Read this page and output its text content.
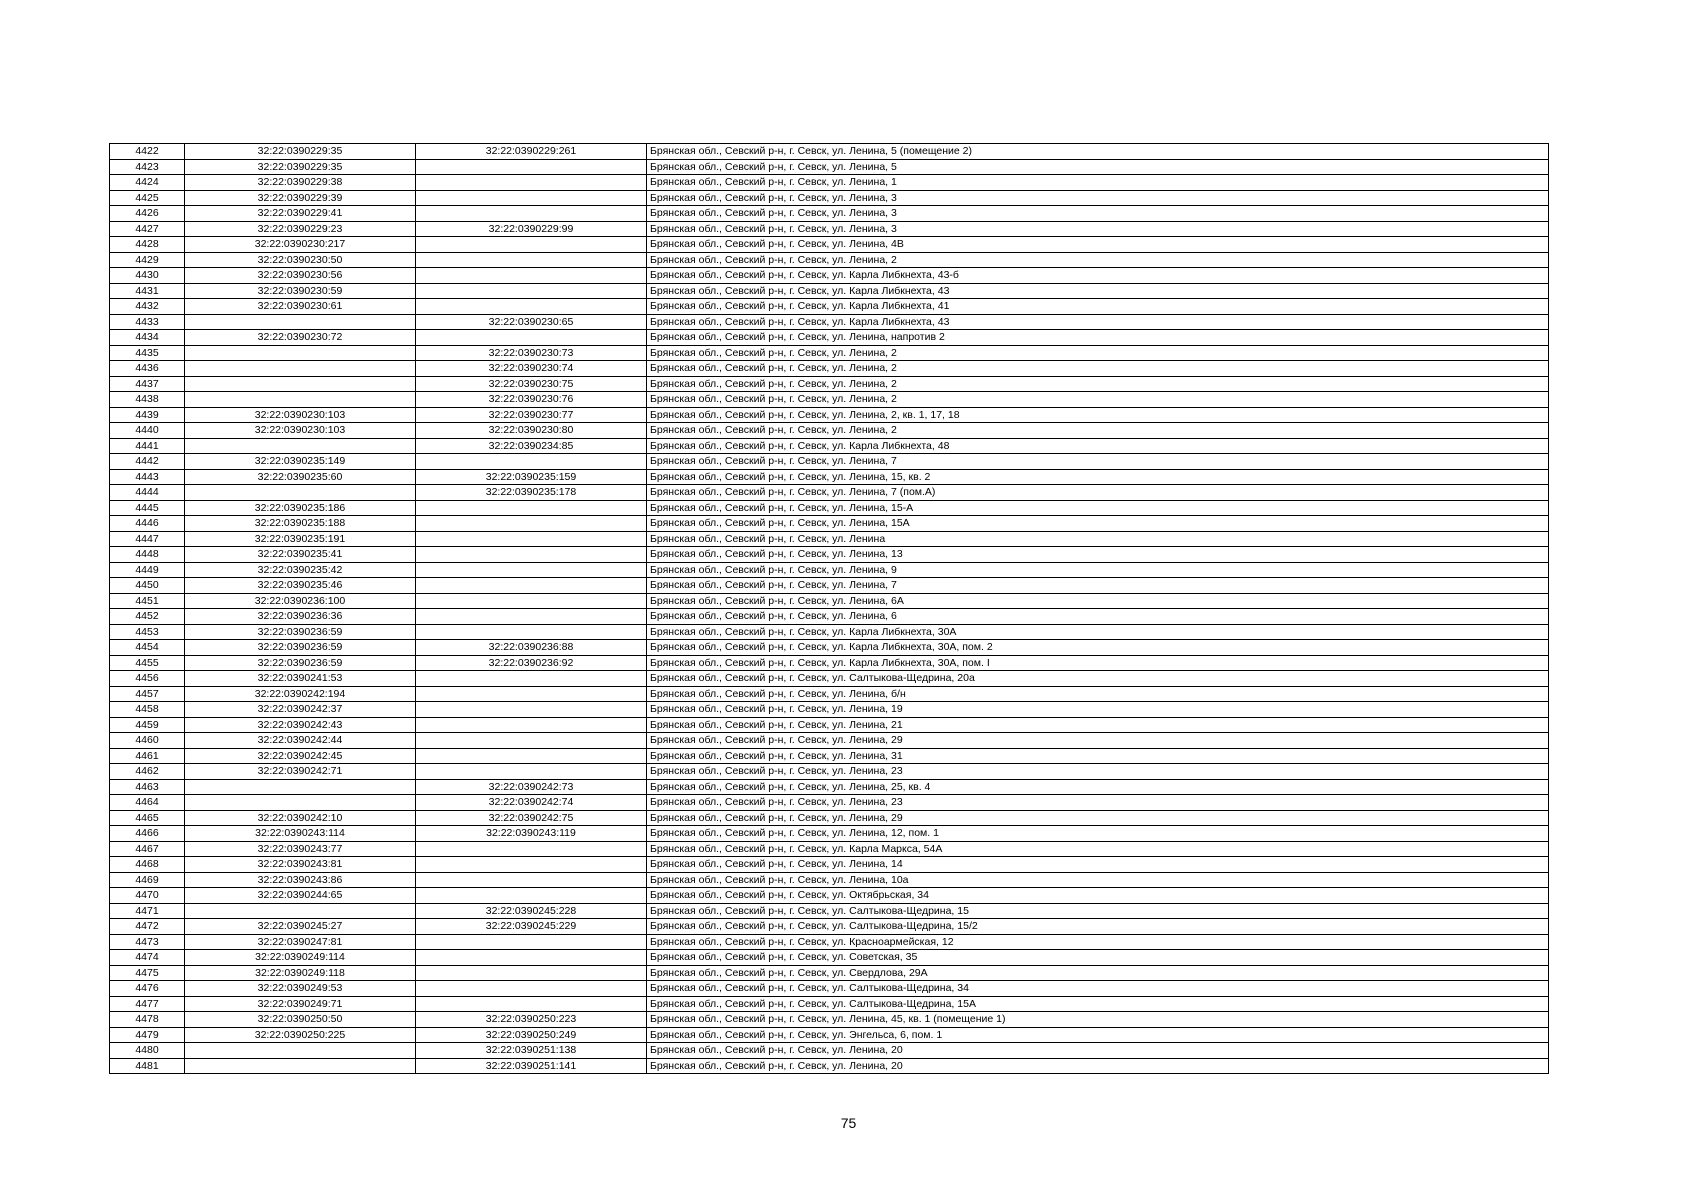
4422	32:22:0390229:35	32:22:0390229:261	Брянская обл., Севский р-н, г. Севск, ул. Ленина, 5 (помещение 2)
4423	32:22:0390229:35		Брянская обл., Севский р-н, г. Севск, ул. Ленина, 5
4424	32:22:0390229:38		Брянская обл., Севский р-н, г. Севск, ул. Ленина, 1
4425	32:22:0390229:39		Брянская обл., Севский р-н, г. Севск, ул. Ленина, 3
4426	32:22:0390229:41		Брянская обл., Севский р-н, г. Севск, ул. Ленина, 3
4427	32:22:0390229:23	32:22:0390229:99	Брянская обл., Севский р-н, г. Севск, ул. Ленина, 3
4428	32:22:0390230:217		Брянская обл., Севский р-н, г. Севск, ул. Ленина, 4В
4429	32:22:0390230:50		Брянская обл., Севский р-н, г. Севск, ул. Ленина, 2
4430	32:22:0390230:56		Брянская обл., Севский р-н, г. Севск, ул. Карла Либкнехта, 43-б
4431	32:22:0390230:59		Брянская обл., Севский р-н, г. Севск, ул. Карла Либкнехта, 43
4432	32:22:0390230:61		Брянская обл., Севский р-н, г. Севск, ул. Карла Либкнехта, 41
4433		32:22:0390230:65	Брянская обл., Севский р-н, г. Севск, ул. Карла Либкнехта, 43
4434	32:22:0390230:72		Брянская обл., Севский р-н, г. Севск, ул. Ленина, напротив 2
4435		32:22:0390230:73	Брянская обл., Севский р-н, г. Севск, ул. Ленина, 2
4436		32:22:0390230:74	Брянская обл., Севский р-н, г. Севск, ул. Ленина, 2
4437		32:22:0390230:75	Брянская обл., Севский р-н, г. Севск, ул. Ленина, 2
4438		32:22:0390230:76	Брянская обл., Севский р-н, г. Севск, ул. Ленина, 2
4439	32:22:0390230:103	32:22:0390230:77	Брянская обл., Севский р-н, г. Севск, ул. Ленина, 2, кв. 1, 17, 18
4440	32:22:0390230:103	32:22:0390230:80	Брянская обл., Севский р-н, г. Севск, ул. Ленина, 2
4441		32:22:0390234:85	Брянская обл., Севский р-н, г. Севск, ул. Карла Либкнехта, 48
4442	32:22:0390235:149		Брянская обл., Севский р-н, г. Севск, ул. Ленина, 7
4443	32:22:0390235:60	32:22:0390235:159	Брянская обл., Севский р-н, г. Севск, ул. Ленина, 15, кв. 2
4444		32:22:0390235:178	Брянская обл., Севский р-н, г. Севск, ул. Ленина, 7 (пом.А)
4445	32:22:0390235:186		Брянская обл., Севский р-н, г. Севск, ул. Ленина, 15-А
4446	32:22:0390235:188		Брянская обл., Севский р-н, г. Севск, ул. Ленина, 15А
4447	32:22:0390235:191		Брянская обл., Севский р-н, г. Севск, ул. Ленина
4448	32:22:0390235:41		Брянская обл., Севский р-н, г. Севск, ул. Ленина, 13
4449	32:22:0390235:42		Брянская обл., Севский р-н, г. Севск, ул. Ленина, 9
4450	32:22:0390235:46		Брянская обл., Севский р-н, г. Севск, ул. Ленина, 7
4451	32:22:0390236:100		Брянская обл., Севский р-н, г. Севск, ул. Ленина, 6А
4452	32:22:0390236:36		Брянская обл., Севский р-н, г. Севск, ул. Ленина, 6
4453	32:22:0390236:59		Брянская обл., Севский р-н, г. Севск, ул. Карла Либкнехта, 30А
4454	32:22:0390236:59	32:22:0390236:88	Брянская обл., Севский р-н, г. Севск, ул. Карла Либкнехта, 30А, пом. 2
4455	32:22:0390236:59	32:22:0390236:92	Брянская обл., Севский р-н, г. Севск, ул. Карла Либкнехта, 30А, пом. I
4456	32:22:0390241:53		Брянская обл., Севский р-н, г. Севск, ул. Салтыкова-Щедрина, 20а
4457	32:22:0390242:194		Брянская обл., Севский р-н, г. Севск, ул. Ленина, б/н
4458	32:22:0390242:37		Брянская обл., Севский р-н, г. Севск, ул. Ленина, 19
4459	32:22:0390242:43		Брянская обл., Севский р-н, г. Севск, ул. Ленина, 21
4460	32:22:0390242:44		Брянская обл., Севский р-н, г. Севск, ул. Ленина, 29
4461	32:22:0390242:45		Брянская обл., Севский р-н, г. Севск, ул. Ленина, 31
4462	32:22:0390242:71		Брянская обл., Севский р-н, г. Севск, ул. Ленина, 23
4463		32:22:0390242:73	Брянская обл., Севский р-н, г. Севск, ул. Ленина, 25, кв. 4
4464		32:22:0390242:74	Брянская обл., Севский р-н, г. Севск, ул. Ленина, 23
4465	32:22:0390242:10	32:22:0390242:75	Брянская обл., Севский р-н, г. Севск, ул. Ленина, 29
4466	32:22:0390243:114	32:22:0390243:119	Брянская обл., Севский р-н, г. Севск, ул. Ленина, 12, пом. 1
4467	32:22:0390243:77		Брянская обл., Севский р-н, г. Севск, ул. Карла Маркса, 54А
4468	32:22:0390243:81		Брянская обл., Севский р-н, г. Севск, ул. Ленина, 14
4469	32:22:0390243:86		Брянская обл., Севский р-н, г. Севск, ул. Ленина, 10а
4470	32:22:0390244:65		Брянская обл., Севский р-н, г. Севск, ул. Октябрьская, 34
4471		32:22:0390245:228	Брянская обл., Севский р-н, г. Севск, ул. Салтыкова-Щедрина, 15
4472	32:22:0390245:27	32:22:0390245:229	Брянская обл., Севский р-н, г. Севск, ул. Салтыкова-Щедрина, 15/2
4473	32:22:0390247:81		Брянская обл., Севский р-н, г. Севск, ул. Красноармейская, 12
4474	32:22:0390249:114		Брянская обл., Севский р-н, г. Севск, ул. Советская, 35
4475	32:22:0390249:118		Брянская обл., Севский р-н, г. Севск, ул. Свердлова, 29А
4476	32:22:0390249:53		Брянская обл., Севский р-н, г. Севск, ул. Салтыкова-Щедрина, 34
4477	32:22:0390249:71		Брянская обл., Севский р-н, г. Севск, ул. Салтыкова-Щедрина, 15А
4478	32:22:0390250:50	32:22:0390250:223	Брянская обл., Севский р-н, г. Севск, ул. Ленина, 45, кв. 1 (помещение 1)
4479	32:22:0390250:225	32:22:0390250:249	Брянская обл., Севский р-н, г. Севск, ул. Энгельса, 6, пом. 1
4480		32:22:0390251:138	Брянская обл., Севский р-н, г. Севск, ул. Ленина, 20
4481		32:22:0390251:141	Брянская обл., Севский р-н, г. Севск, ул. Ленина, 20
75
